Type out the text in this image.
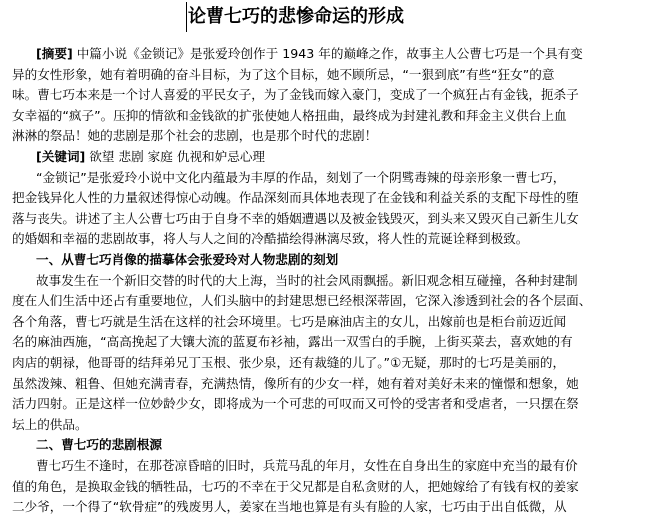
论曹七巧的悲惨命运的形成
[摘要] 中篇小说《金锁记》是张爱玲创作于 1943 年的巅峰之作，故事主人公曹七巧是一个具有变
异的女性形象，她有着明确的奋斗目标，为了这个目标，她不顾所忌，“一狠到底”有些“狂女”的意
味。曹七巧本来是一个讨人喜爱的平民女子，为了金钱而嫁入豪门，变成了一个疯狂占有金钱，扼杀子
女幸福的“疯子”。压抑的情欲和金钱欲的扩张使她人格扭曲，最终成为封建礼教和拜金主义供台上血
淋淋的祭品！她的悲剧是那个社会的悲剧，也是那个时代的悲剧！
[关键词] 欲望 悲剧 家庭 仇视和妒忌心理
“金锁记”是张爱玲小说中文化内蕴最为丰厚的作品，刻划了一个阴骘毒辣的母亲形象一曹七巧，
把金钱异化人性的力量叙述得惊心动魄。作品深刻而具体地表现了在金钱和利益关系的支配下母性的堕
落与丧失。讲述了主人公曹七巧由于自身不幸的婚姻遭遇以及被金钱毁灭，到头来又毁灭自己新生儿女
的婚姻和幸福的悲剧故事，将人与人之间的冷酷描绘得淋漓尽致，将人性的荒诞诠释到极致。
一、从曹七巧肖像的描摹体会张爱玲对人物悲剧的刻划
故事发生在一个新旧交替的时代的大上海，当时的社会风雨飘摇。新旧观念相互碰撞，各种封建制
度在人们生活中还占有重要地位，人们头脑中的封建思想已经根深蒂固，它深入渗透到社会的各个层面、
各个角落，曹七巧就是生活在这样的社会环境里。七巧是麻油店主的女儿，出嫁前也是柜台前迈近闻
名的麻油西施，“高高挽起了大镶大流的蓝夏布衫袖，露出一双雪白的手腕，上街买菜去，喜欢她的有
肉店的朝禄，他哥哥的结拜弟兄丁玉根、张少泉，还有裁缝的儿了。”①无疑，那时的七巧是美丽的，
虽然泼辣、粗鲁、但她充满青春，充满热情，像所有的少女一样，她有着对美好未来的憧憬和想象，她
活力四射。正是这样一位妙龄少女，即将成为一个可悲的可叹而又可怜的受害者和受虐者，一只摆在祭
坛上的供品。
二、曹七巧的悲剧根源
曹七巧生不逢时，在那苍凉昏暗的旧时，兵荒马乱的年月，女性在自身出生的家庭中充当的最有价
值的角色，是换取金钱的牺牲品，七巧的不幸在于父兄都是自私贪财的人，把她嫁给了有钱有权的姜家
二少爷，一个得了“软骨症”的残废男人，姜家在当地也算是有头有脸的人家，七巧由于出自低微，从
